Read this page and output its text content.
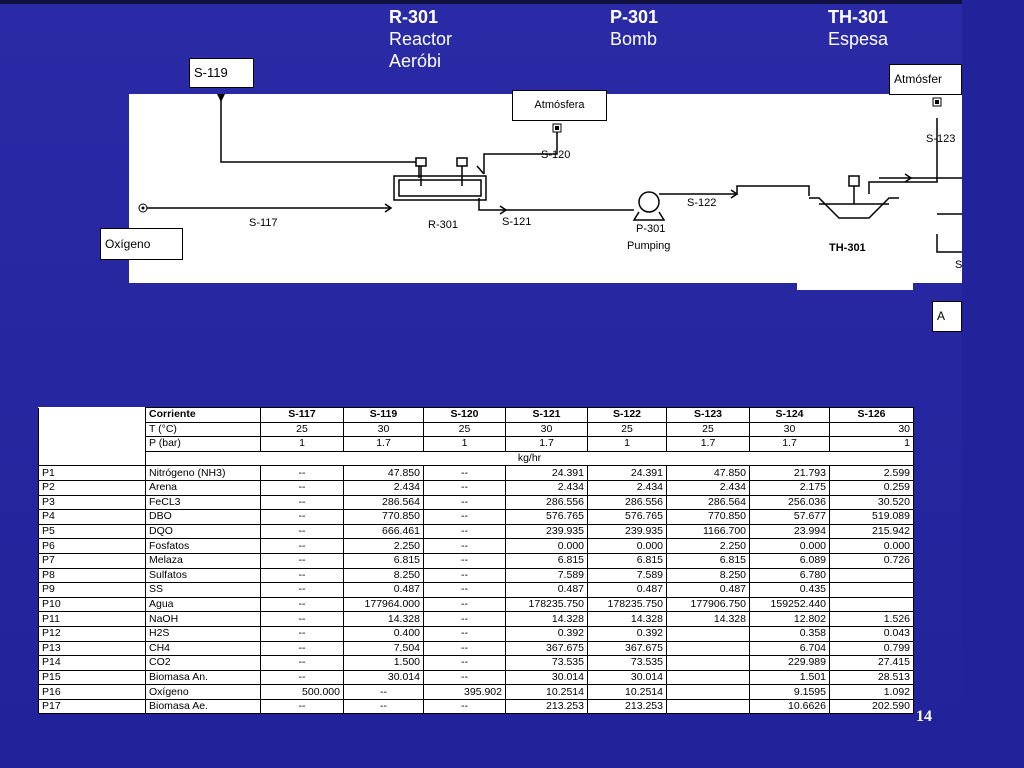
R-301
Reactor
Aeróbi
P-301
Bomb
TH-301
Espesa
S-117
S-120
S-121
S-122
S-123
R-301	P-301
Pumping	TH-301
S
S-119	Atmósfer
Atmósfera
Oxígeno
A
	Corriente	S-117	S-119	S-120	S-121	S-122	S-123	S-124	S-126
	T (°C)	25	30	25	30	25	25	30	30
	P (bar)	1	1.7	1	1.7	1	1.7	1.7	1
	kg/hr								
P1	Nitrógeno (NH3)	--	47.850	--	24.391	24.391	47.850	21.793	2.599
P2	Arena	--	2.434	--	2.434	2.434	2.434	2.175	0.259
P3	FeCL3	--	286.564	--	286.556	286.556	286.564	256.036	30.520
P4	DBO	--	770.850	--	576.765	576.765	770.850	57.677	519.089
P5	DQO	--	666.461	--	239.935	239.935	1166.700	23.994	215.942
P6	Fosfatos	--	2.250	--	0.000	0.000	2.250	0.000	0.000
P7	Melaza	--	6.815	--	6.815	6.815	6.815	6.089	0.726
P8	Sulfatos	--	8.250	--	7.589	7.589	8.250	6.780	
P9	SS	--	0.487	--	0.487	0.487	0.487	0.435	
P10	Agua	--	177964.000	--	178235.750	178235.750	177906.750	159252.440	
P11	NaOH	--	14.328	--	14.328	14.328	14.328	12.802	1.526
P12	H2S	--	0.400	--	0.392	0.392		0.358	0.043
P13	CH4	--	7.504	--	367.675	367.675		6.704	0.799
P14	CO2	--	1.500	--	73.535	73.535		229.989	27.415
P15	Biomasa An.	--	30.014	--	30.014	30.014		1.501	28.513
P16	Oxígeno	500.000	--	395.902	10.2514	10.2514		9.1595	1.092
P17	Biomasa Ae.	--	--	--	213.253	213.253		10.6626	202.590
14
